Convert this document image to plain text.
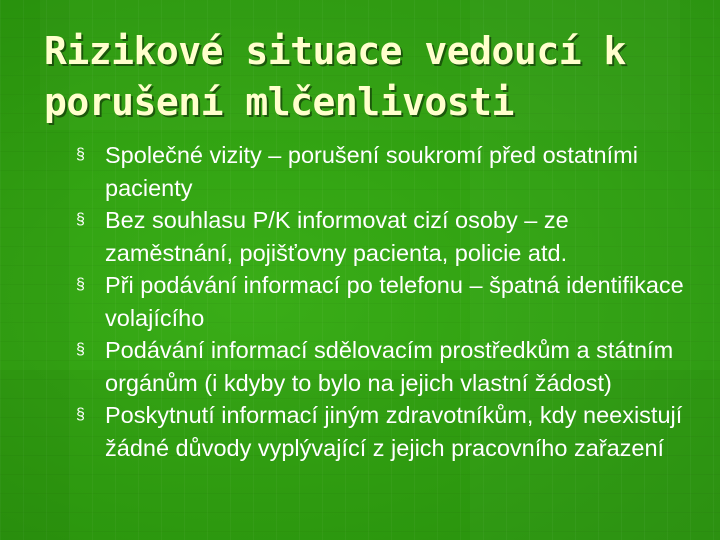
Rizikové situace vedoucí k
porušení mlčenlivosti
§ Společné vizity – porušení soukromí před ostatními pacienty
§ Bez souhlasu P/K informovat cizí osoby – ze zaměstnání, pojišťovny pacienta, policie atd.
§ Při podávání informací po telefonu – špatná identifikace volajícího
§ Podávání informací sdělovacím prostředkům a státním orgánům (i kdyby to bylo na jejich vlastní žádost)
§ Poskytnutí informací jiným zdravotníkům, kdy neexistují žádné důvody vyplývající z jejich pracovního zařazení
